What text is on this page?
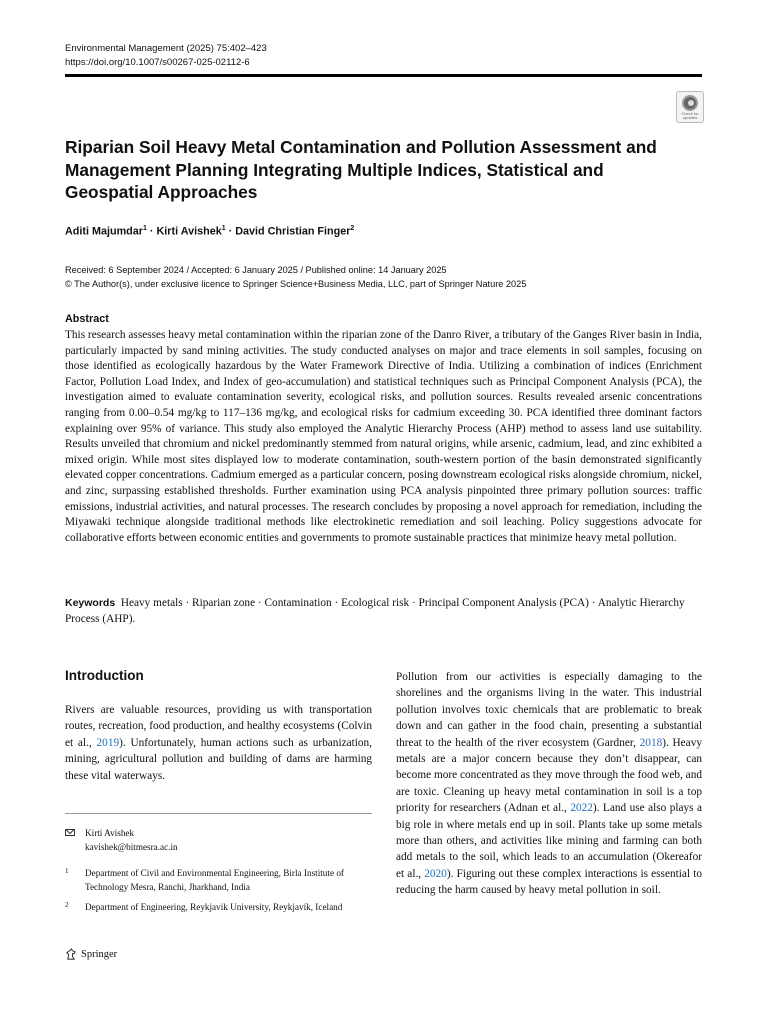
Environmental Management (2025) 75:402–423
https://doi.org/10.1007/s00267-025-02112-6
Check for updates
Riparian Soil Heavy Metal Contamination and Pollution Assessment and Management Planning Integrating Multiple Indices, Statistical and Geospatial Approaches
Aditi Majumdar$^1$ · Kirti Avishek$^1$ · David Christian Finger$^2$
Received: 6 September 2024 / Accepted: 6 January 2025 / Published online: 14 January 2025
© The Author(s), under exclusive licence to Springer Science+Business Media, LLC, part of Springer Nature 2025
Abstract
This research assesses heavy metal contamination within the riparian zone of the Danro River, a tributary of the Ganges River basin in India, particularly impacted by sand mining activities. The study conducted analyses on major and trace elements in soil samples, focusing on those identified as ecologically hazardous by the Water Framework Directive of India. Utilizing a combination of indices (Enrichment Factor, Pollution Load Index, and Index of geo-accumulation) and statistical techniques such as Principal Component Analysis (PCA), the investigation aimed to evaluate contamination severity, ecological risks, and pollution sources. Results revealed arsenic concentrations ranging from 0.00–0.54 mg/kg to 117–136 mg/kg, and ecological risks for cadmium exceeding 30. PCA identified three dominant factors explaining over 95% of variance. This study also employed the Analytic Hierarchy Process (AHP) method to assess land use suitability. Results unveiled that chromium and nickel predominantly stemmed from natural origins, while arsenic, cadmium, lead, and zinc exhibited a mixed origin. While most sites displayed low to moderate contamination, south-western portion of the basin demonstrated significantly elevated copper concentrations. Cadmium emerged as a particular concern, posing downstream ecological risks alongside chromium, nickel, and zinc, surpassing established thresholds. Further examination using PCA analysis pinpointed three primary pollution sources: traffic emissions, industrial activities, and natural processes. The research concludes by proposing a novel approach for remediation, including the Miyawaki technique alongside traditional methods like electrokinetic remediation and soil leaching. Policy suggestions advocate for collaborative efforts between economic entities and governments to promote sustainable practices that minimize heavy metal pollution.
Keywords Heavy metals · Riparian zone · Contamination · Ecological risk · Principal Component Analysis (PCA) · Analytic Hierarchy Process (AHP).
Introduction
Rivers are valuable resources, providing us with transportation routes, recreation, food production, and healthy ecosystems (Colvin et al., 2019). Unfortunately, human actions such as urbanization, mining, agricultural pollution and building of dams are harming these vital waterways.
Pollution from our activities is especially damaging to the shorelines and the organisms living in the water. This industrial pollution involves toxic chemicals that are problematic to break down and can gather in the food chain, presenting a substantial threat to the health of the river ecosystem (Gardner, 2018). Heavy metals are a major concern because they don’t disappear, can become more concentrated as they move through the food web, and are toxic. Cleaning up heavy metal contamination in soil is a top priority for researchers (Adnan et al., 2022). Land use also plays a big role in where metals end up in soil. Plants take up some metals more than others, and activities like mining and farming can both add metals to the soil, which leads to an accumulation (Okereafor et al., 2020). Figuring out these complex interactions is essential to reducing the harm caused by heavy metal pollution in soil.
Kirti Avishek
kavishek@bitmesra.ac.in
1 Department of Civil and Environmental Engineering, Birla Institute of Technology Mesra, Ranchi, Jharkhand, India
2 Department of Engineering, Reykjavik University, Reykjavík, Iceland
Springer
